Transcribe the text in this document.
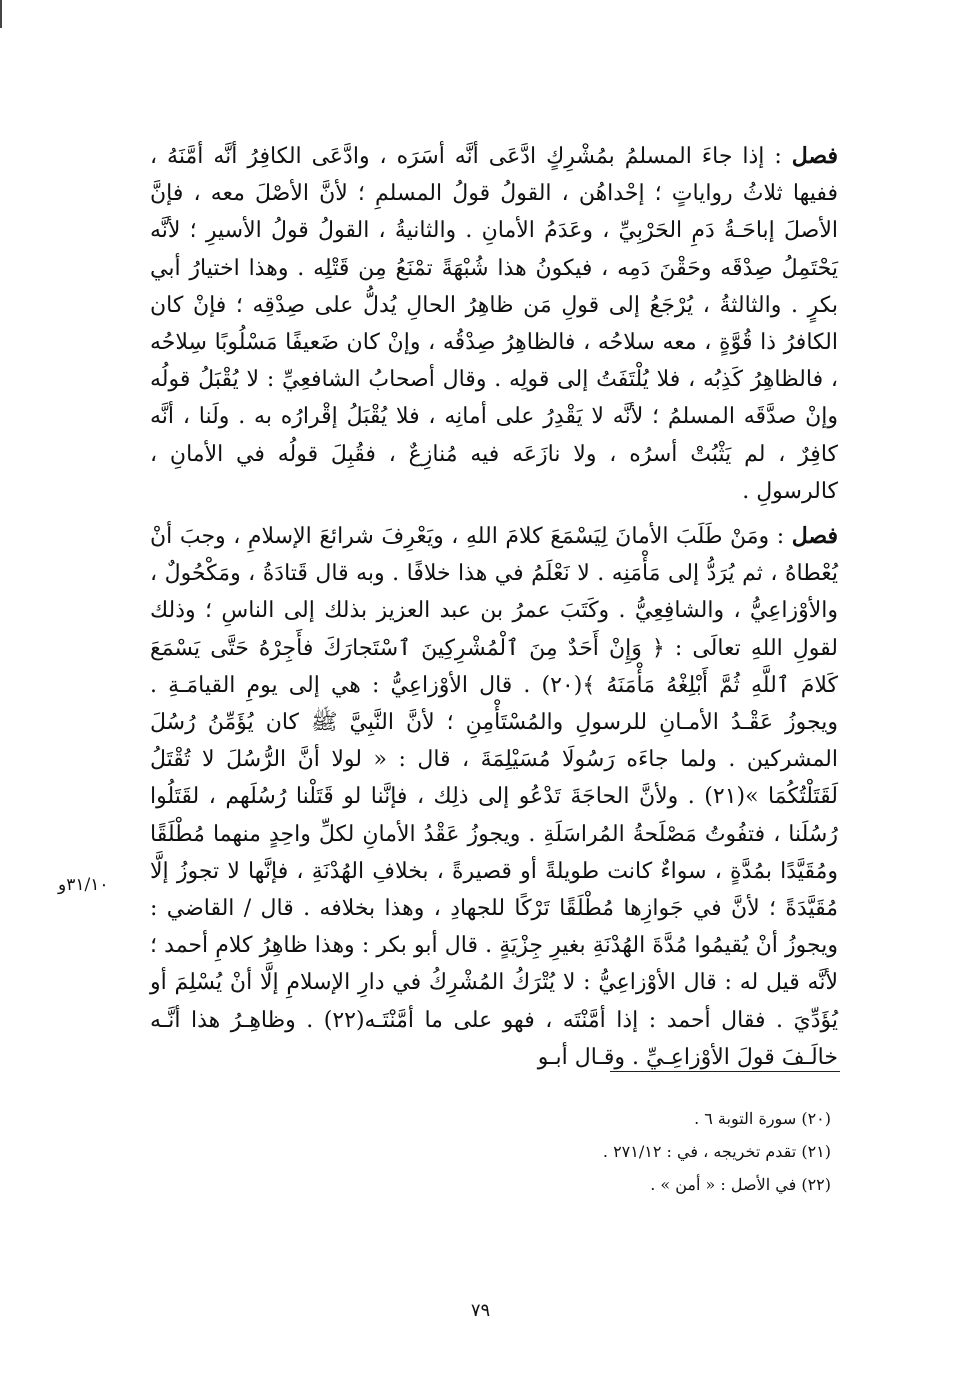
فصل : إذا جاءَ المسلمُ بمُشْرِكٍ ادَّعَى أنَّه أسَرَه ، وادَّعَى الكافِرُ أنَّه أمَّنَهُ ، ففيها ثلاثُ رواياتٍ ؛ إحْداهُن ، القولُ قولُ المسلمِ ؛ لأنَّ الأصْلَ معه ، فإنَّ الأصلَ إباحَـةُ دَمِ الحَرْبِيِّ ، وعَدَمُ الأمانِ . والثانيةُ ، القولُ قولُ الأسيرِ ؛ لأنَّه يَحْتَمِلُ صِدْقَه وحَقْنَ دَمِه ، فيكونُ هذا شُبْهَةً تمْنَعُ مِن قَتْلِه . وهذا اختيارُ أبي بكرٍ . والثالثةُ ، يُرْجَعُ إلى قولِ مَن ظاهِرُ الحالِ يُدلُّ على صِدْقِه ؛ فإنْ كان الكافرُ ذا قُوَّةٍ ، معه سلاحُه ، فالظاهِرُ صِدْقُه ، وإنْ كان ضَعيفًا مَسْلُوبًا سِلاحُه ، فالظاهِرُ كَذِبُه ، فلا يُلْتَفَتُ إلى قولِه . وقال أصحابُ الشافعِيِّ : لا يُقْبَلُ قولُه وإنْ صدَّقَه المسلمُ ؛ لأنَّه لا يَقْدِرُ على أمانِه ، فلا يُقْبَلُ إقْرارُه به . ولَنا ، أنَّه كافِرٌ ، لم يَثْبُتْ أسرُه ، ولا نازَعَه فيه مُنازِعٌ ، فقُبِلَ قولُه في الأمانِ ، كالرسولِ .

فصل : ومَنْ طَلَبَ الأمانَ لِيَسْمَعَ كلامَ اللهِ ، ويَعْرِفَ شرائعَ الإسلامِ ، وجبَ أنْ يُعْطاهُ ، ثم يُرَدُّ إلى مَأْمَنِه . لا نَعْلَمُ في هذا خلافًا . وبه قال قَتادَةُ ، ومَكْحُولٌ ، والأوْزاعِيُّ ، والشافِعِيُّ . وكَتَبَ عمرُ بن عبد العزيز بذلك إلى الناسِ ؛ وذلك لقولِ اللهِ تعالَى : ﴿ وَإِنْ أَحَدٌ مِنَ ٱلْمُشْرِكِينَ ٱسْتَجارَكَ فأَجِرْهُ حَتَّى يَسْمَعَ كَلامَ ٱللَّهِ ثُمَّ أَبْلِغْهُ مَأْمَنَهُ ﴾(٢٠) . قال الأوْزاعِيُّ : هي إلى يومِ القيامَـةِ . ويجوزُ عَقْـدُ الأمـانِ للرسولِ والمُسْتَأْمِنِ ؛ لأنَّ النَّبِيَّ ﷺ كان يُؤَمِّنُ رُسُلَ المشركين . ولما جاءَه رَسُولَا مُسَيْلِمَةَ ، قال : « لولا أنَّ الرُّسُلَ لا تُقْتَلُ لَقَتَلْتُكُمَا »(٢١) . ولأنَّ الحاجَةَ تَدْعُو إلى ذلِك ، فإنَّنا لو قَتَلْنا رُسُلَهم ، لقَتَلُوا رُسُلَنا ، فتفُوتُ مَصْلَحةُ المُراسَلَةِ . ويجوزُ عَقْدُ الأمانِ لكلِّ واحِدٍ منهما مُطْلَقًا ومُقَيَّدًا بمُدَّةٍ ، سواءٌ كانت طويلةً أو قصيرةً ، بخلافِ الهُدْنَةِ ، فإنَّها لا تجوزُ إلَّا مُقَيَّدَةً ؛ لأنَّ في جَوازِها مُطْلَقًا تَرْكًا للجهادِ ، وهذا بخلافه . قال / القاضي : ويجوزُ أنْ يُقيمُوا مُدَّةَ الهُدْنَةِ بغيرِ جِزْيَةٍ . قال أبو بكر : وهذا ظاهِرُ كلامِ أحمد ؛ لأنَّه قيل له : قال الأوْزاعِيُّ : لا يُتْرَكُ المُشْرِكُ في دارِ الإسلامِ إلَّا أنْ يُسْلِمَ أو يُؤَدِّيَ . فقال أحمد : إذا أمَّنْتَه ، فهو على ما أمَّنْتَـه(٢٢) . وظاهِـرُ هذا أنَّـه خالَـفَ قولَ الأوْزاعِـيِّ . وقـال أبـو

٣١/١٠و

(٢٠) سورة التوبة ٦ .

(٢١) تقدم تخريجه ، في : ٢٧١/١٢ .

(٢٢) في الأصل : « أمن » .

٧٩
